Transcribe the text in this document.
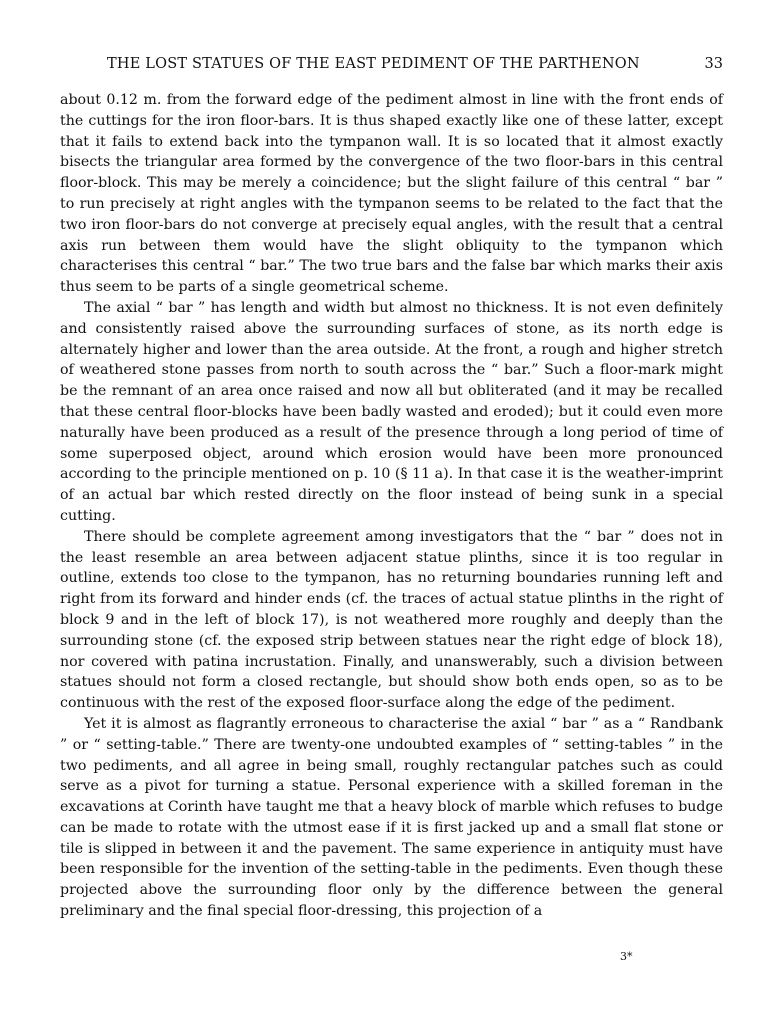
THE LOST STATUES OF THE EAST PEDIMENT OF THE PARTHENON	33

about 0.12 m. from the forward edge of the pediment almost in line with the front ends of the cuttings for the iron floor-bars. It is thus shaped exactly like one of these latter, except that it fails to extend back into the tympanon wall. It is so located that it almost exactly bisects the triangular area formed by the convergence of the two floor-bars in this central floor-block. This may be merely a coincidence; but the slight failure of this central “ bar ” to run precisely at right angles with the tympanon seems to be related to the fact that the two iron floor-bars do not converge at precisely equal angles, with the result that a central axis run between them would have the slight obliquity to the tympanon which characterises this central “ bar.” The two true bars and the false bar which marks their axis thus seem to be parts of a single geometrical scheme.

The axial “ bar ” has length and width but almost no thickness. It is not even definitely and consistently raised above the surrounding surfaces of stone, as its north edge is alternately higher and lower than the area outside. At the front, a rough and higher stretch of weathered stone passes from north to south across the “ bar.” Such a floor-mark might be the remnant of an area once raised and now all but obliterated (and it may be recalled that these central floor-blocks have been badly wasted and eroded); but it could even more naturally have been produced as a result of the presence through a long period of time of some superposed object, around which erosion would have been more pronounced according to the principle mentioned on p. 10 (§ 11 a). In that case it is the weather-imprint of an actual bar which rested directly on the floor instead of being sunk in a special cutting.

There should be complete agreement among investigators that the “ bar ” does not in the least resemble an area between adjacent statue plinths, since it is too regular in outline, extends too close to the tympanon, has no returning boundaries running left and right from its forward and hinder ends (cf. the traces of actual statue plinths in the right of block 9 and in the left of block 17), is not weathered more roughly and deeply than the surrounding stone (cf. the exposed strip between statues near the right edge of block 18), nor covered with patina incrustation. Finally, and unanswerably, such a division between statues should not form a closed rectangle, but should show both ends open, so as to be continuous with the rest of the exposed floor-surface along the edge of the pediment.

Yet it is almost as flagrantly erroneous to characterise the axial “ bar ” as a “ Randbank ” or “ setting-table.” There are twenty-one undoubted examples of “ setting-tables ” in the two pediments, and all agree in being small, roughly rectangular patches such as could serve as a pivot for turning a statue. Personal experience with a skilled foreman in the excavations at Corinth have taught me that a heavy block of marble which refuses to budge can be made to rotate with the utmost ease if it is first jacked up and a small flat stone or tile is slipped in between it and the pavement. The same experience in antiquity must have been responsible for the invention of the setting-table in the pediments. Even though these projected above the surrounding floor only by the difference between the general preliminary and the final special floor-dressing, this projection of a

3*
